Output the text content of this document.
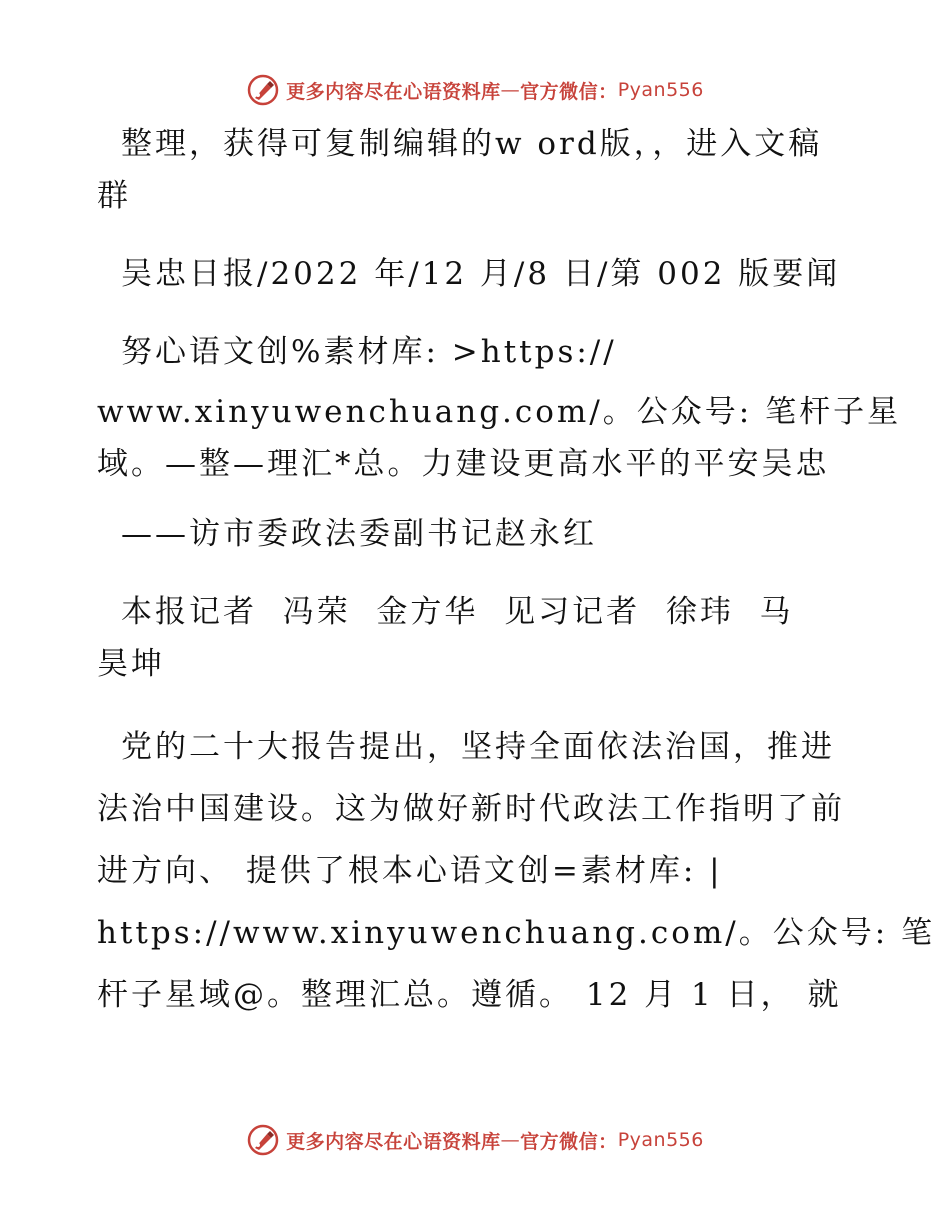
更多内容尽在心语资料库 — 官方微信： Pyan556

整理，获得可复制编辑的w ord版，，进入文稿
群

吴忠日报/2022 年/12 月/8 日/第 002 版要闻

努心语文创%素材库: >https://
www.xinyuwenchuang.com/。公众号: 笔杆子星
域。—整—理汇*总。力建设更高水平的平安吴忠

——访市委政法委副书记赵永红

本报记者  冯荣  金方华  见习记者  徐玮  马
昊坤

党的二十大报告提出，坚持全面依法治国，推进
法治中国建设。这为做好新时代政法工作指明了前
进方向、 提供了根本心语文创=素材库: |
https://www.xinyuwenchuang.com/。公众号: 笔
杆子星域@。整理汇总。遵循。 12 月 1 日， 就

更多内容尽在心语资料库 — 官方微信： Pyan556
